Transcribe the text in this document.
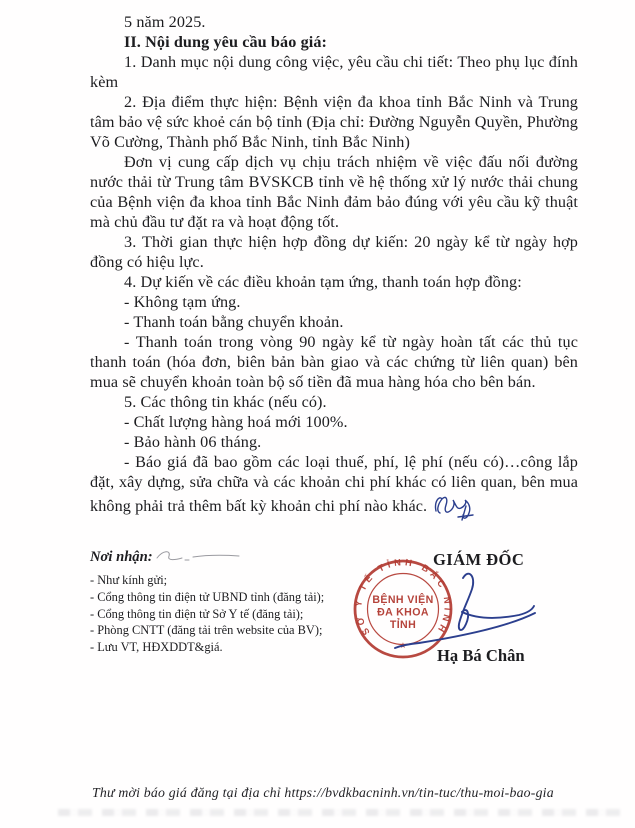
5 năm 2025.

II. Nội dung yêu cầu báo giá:

1. Danh mục nội dung công việc, yêu cầu chi tiết: Theo phụ lục đính kèm

2. Địa điểm thực hiện: Bệnh viện đa khoa tỉnh Bắc Ninh và Trung tâm bảo vệ sức khoẻ cán bộ tỉnh (Địa chỉ: Đường Nguyễn Quyền, Phường Võ Cường, Thành phố Bắc Ninh, tỉnh Bắc Ninh)

Đơn vị cung cấp dịch vụ chịu trách nhiệm về việc đấu nối đường nước thải từ Trung tâm BVSKCB tỉnh về hệ thống xử lý nước thải chung của Bệnh viện đa khoa tỉnh Bắc Ninh đảm bảo đúng với yêu cầu kỹ thuật mà chủ đầu tư đặt ra và hoạt động tốt.

3. Thời gian thực hiện hợp đồng dự kiến: 20 ngày kể từ ngày hợp đồng có hiệu lực.

4. Dự kiến về các điều khoản tạm ứng, thanh toán hợp đồng:

- Không tạm ứng.

- Thanh toán bằng chuyển khoản.

- Thanh toán trong vòng 90 ngày kể từ ngày hoàn tất các thủ tục thanh toán (hóa đơn, biên bản bàn giao và các chứng từ liên quan) bên mua sẽ chuyển khoản toàn bộ số tiền đã mua hàng hóa cho bên bán.

5. Các thông tin khác (nếu có).

- Chất lượng hàng hoá mới 100%.

- Bảo hành 06 tháng.

- Báo giá đã bao gồm các loại thuế, phí, lệ phí (nếu có)…công lắp đặt, xây dựng, sửa chữa và các khoản chi phí khác có liên quan, bên mua không phải trả thêm bất kỳ khoản chi phí nào khác.

Nơi nhận:
- Như kính gửi;
- Cổng thông tin điện tử UBND tỉnh (đăng tải);
- Cổng thông tin điện tử Sở Y tế (đăng tải);
- Phòng CNTT (đăng tải trên website của BV);
- Lưu VT, HĐXDDT&giá.
GIÁM ĐỐC
SỞ Y TẾ TỈNH BẮC NINH
BỆNH VIỆN
ĐA KHOA
TỈNH
★
Hạ Bá Chân
Thư mời báo giá đăng tại địa chỉ https://bvdkbacninh.vn/tin-tuc/thu-moi-bao-gia
